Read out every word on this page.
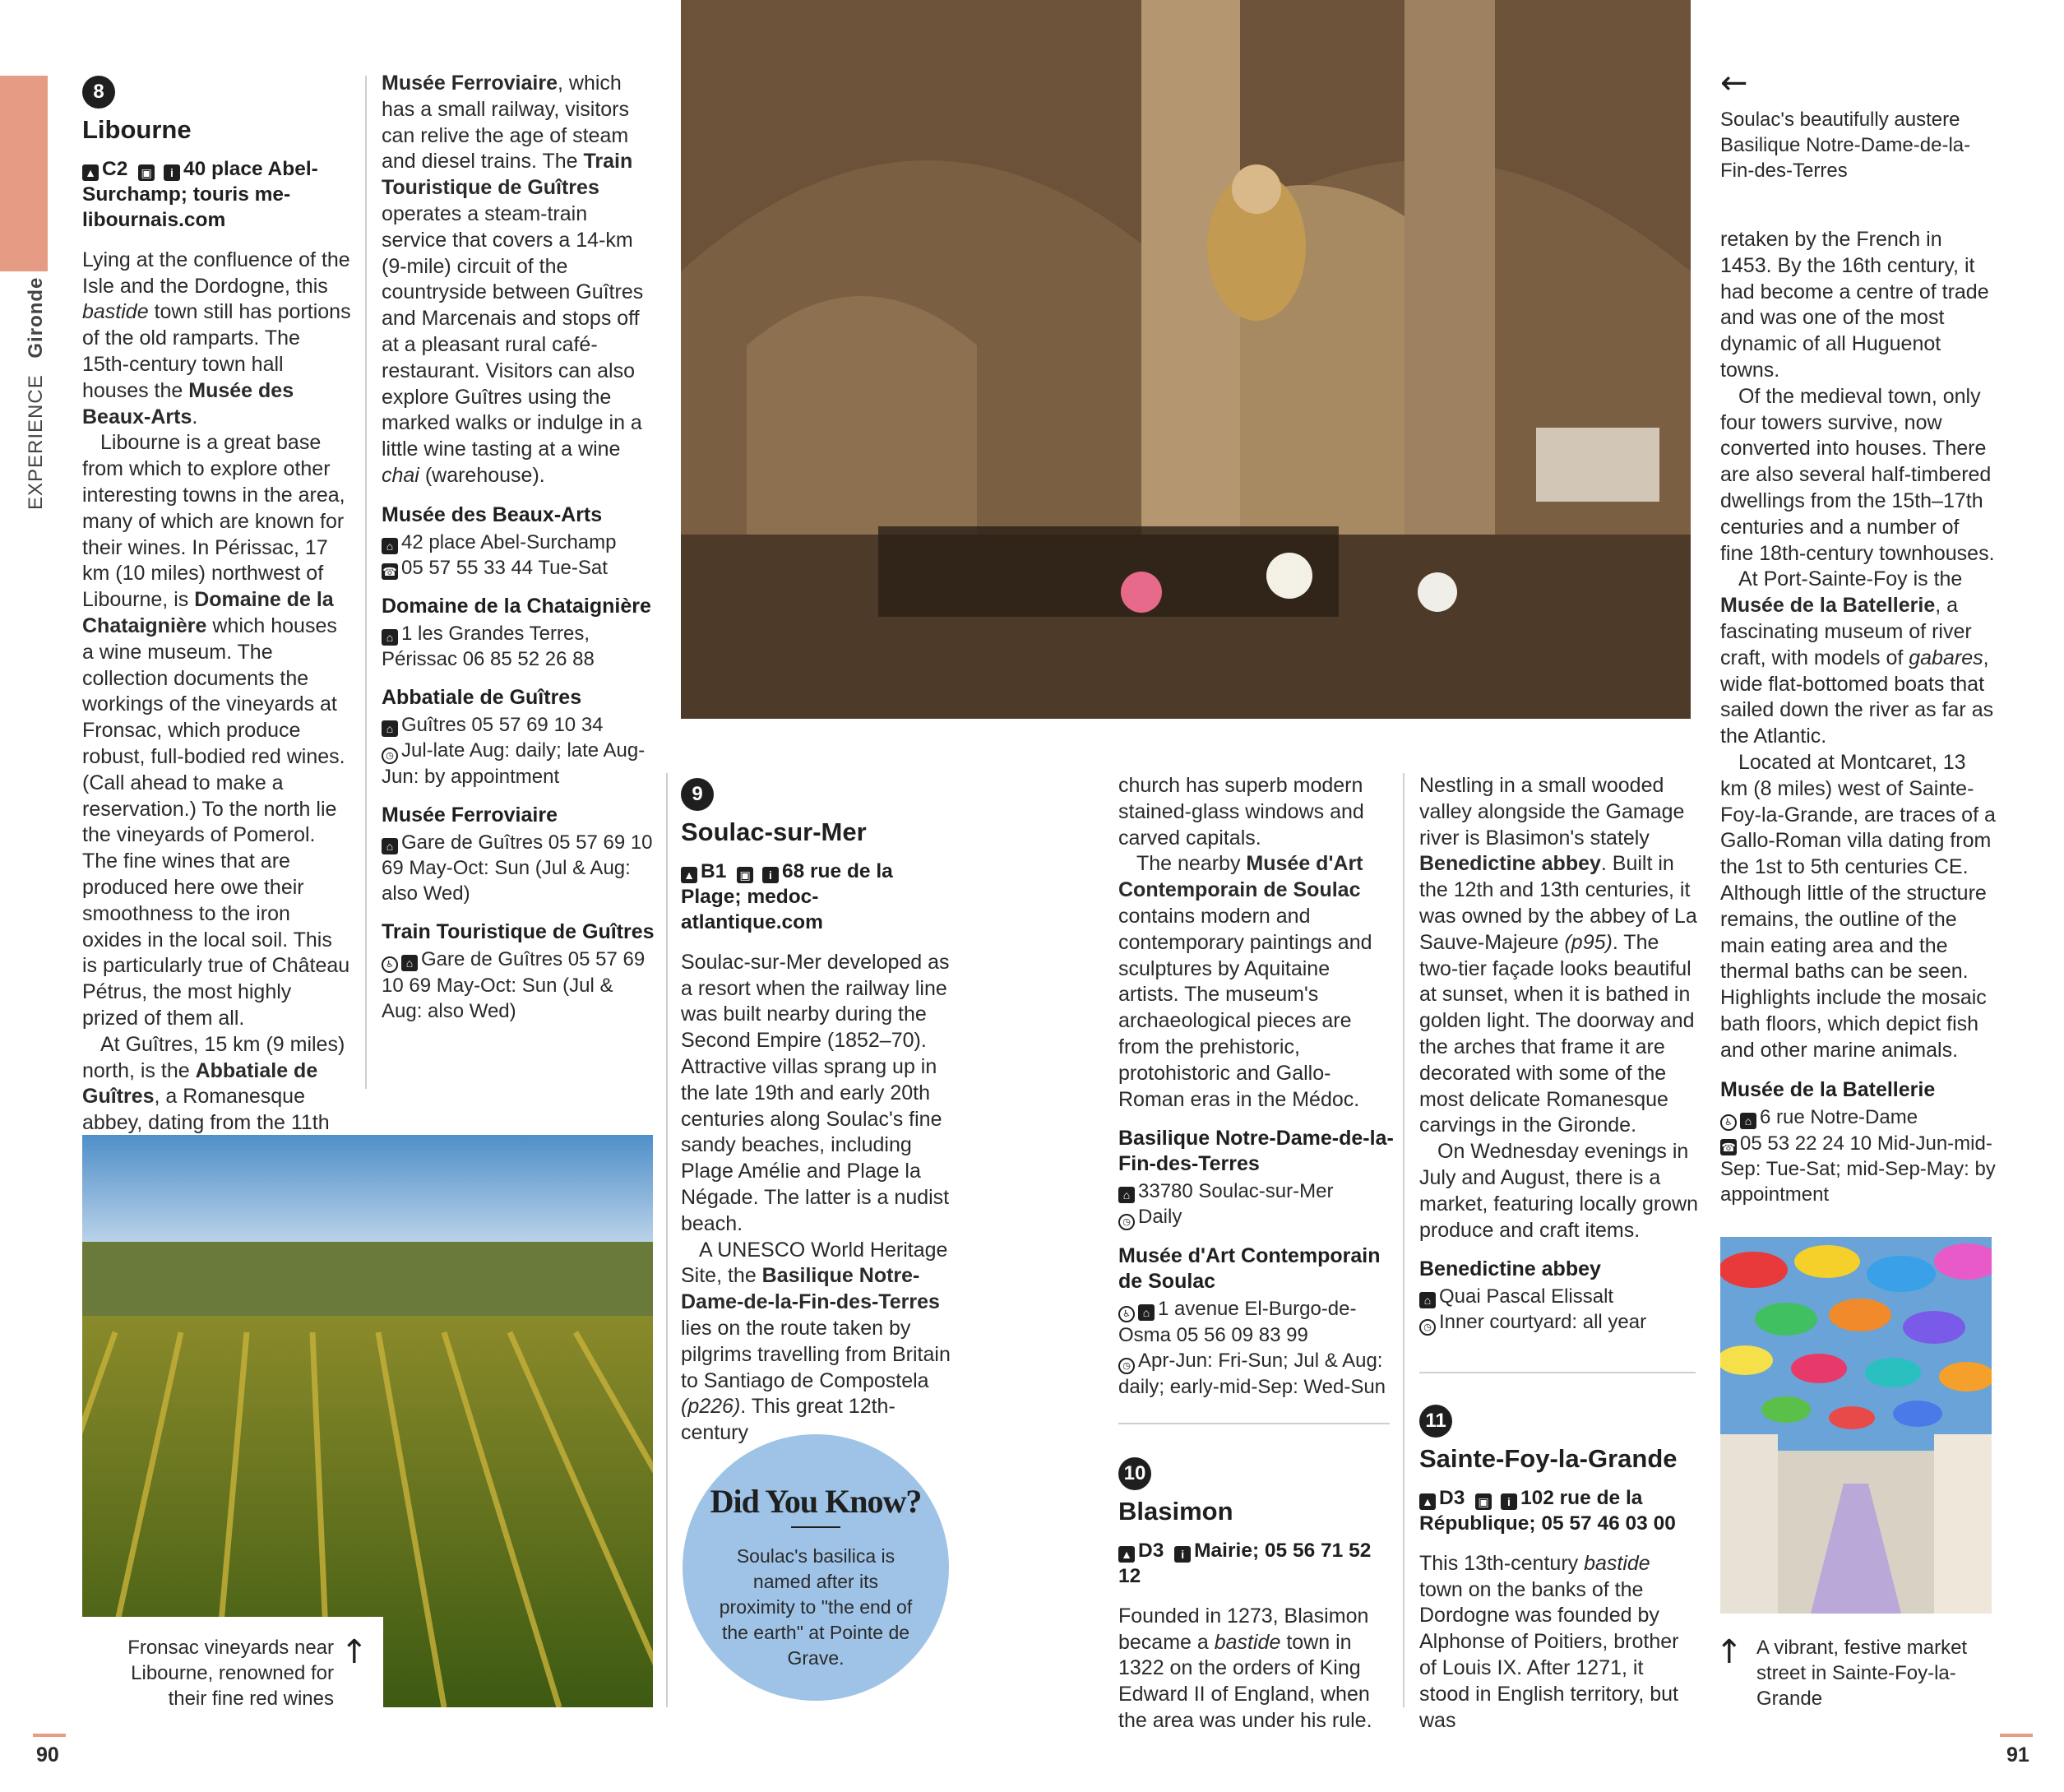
EXPERIENCE Gironde
8
Libourne
▲ C2 ▣ i 40 place Abel-Surchamp; touris me-libournais.com

Lying at the confluence of the Isle and the Dordogne, this bastide town still has portions of the old ramparts. The 15th-century town hall houses the Musée des Beaux-Arts.

Libourne is a great base from which to explore other interesting towns in the area, many of which are known for their wines. In Périssac, 17 km (10 miles) northwest of Libourne, is Domaine de la Chataignière which houses a wine museum. The collection documents the workings of the vineyards at Fronsac, which produce robust, full-bodied red wines. (Call ahead to make a reservation.) To the north lie the vineyards of Pomerol. The fine wines that are produced here owe their smoothness to the iron oxides in the local soil. This is particularly true of Château Pétrus, the most highly prized of them all.

At Guîtres, 15 km (9 miles) north, is the Abbatiale de Guîtres, a Romanesque abbey, dating from the 11th

Musée Ferroviaire, which has a small railway, visitors can relive the age of steam and diesel trains. The Train Touristique de Guîtres operates a steam-train service that covers a 14-km (9-mile) circuit of the countryside between Guîtres and Marcenais and stops off at a pleasant rural café-restaurant. Visitors can also explore Guîtres using the marked walks or indulge in a little wine tasting at a wine chai (warehouse).

Musée des Beaux-Arts
⌂ 42 place Abel-Surchamp
☎ 05 57 55 33 44 Tue-Sat
Domaine de la Chataignière
⌂ 1 les Grandes Terres, Périssac 06 85 52 26 88
Abbatiale de Guîtres
⌂ Guîtres 05 57 69 10 34
◷ Jul-late Aug: daily; late Aug-Jun: by appointment
Musée Ferroviaire
⌂ Gare de Guîtres 05 57 69 10 69 May-Oct: Sun (Jul & Aug: also Wed)
Train Touristique de Guîtres
♿ ⌂ Gare de Guîtres 05 57 69 10 69 May-Oct: Sun (Jul & Aug: also Wed)
Fronsac vineyards near Libourne, renowned for their fine red wines
↑
9
Soulac-sur-Mer
▲ B1 ▣ i 68 rue de la Plage; medoc-atlantique.com

Soulac-sur-Mer developed as a resort when the railway line was built nearby during the Second Empire (1852–70). Attractive villas sprang up in the late 19th and early 20th centuries along Soulac's fine sandy beaches, including Plage Amélie and Plage la Négade. The latter is a nudist beach.

A UNESCO World Heritage Site, the Basilique Notre-Dame-de-la-Fin-des-Terres lies on the route taken by pilgrims travelling from Britain to Santiago de Compostela (p226). This great 12th-century

Did You Know?
Soulac's basilica is named after its proximity to "the end of the earth" at Pointe de Grave.

church has superb modern stained-glass windows and carved capitals.

The nearby Musée d'Art Contemporain de Soulac contains modern and contemporary paintings and sculptures by Aquitaine artists. The museum's archaeological pieces are from the prehistoric, protohistoric and Gallo-Roman eras in the Médoc.

Basilique Notre-Dame-de-la-Fin-des-Terres
⌂ 33780 Soulac-sur-Mer
◷ Daily
Musée d'Art Contemporain de Soulac
♿ ⌂ 1 avenue El-Burgo-de-Osma 05 56 09 83 99
◷ Apr-Jun: Fri-Sun; Jul & Aug: daily; early-mid-Sep: Wed-Sun
10
Blasimon
▲ D3 i Mairie; 05 56 71 52 12

Founded in 1273, Blasimon became a bastide town in 1322 on the orders of King Edward II of England, when the area was under his rule.

Nestling in a small wooded valley alongside the Gamage river is Blasimon's stately Benedictine abbey. Built in the 12th and 13th centuries, it was owned by the abbey of La Sauve-Majeure (p95). The two-tier façade looks beautiful at sunset, when it is bathed in golden light. The doorway and the arches that frame it are decorated with some of the most delicate Romanesque carvings in the Gironde.

On Wednesday evenings in July and August, there is a market, featuring locally grown produce and craft items.

Benedictine abbey
⌂ Quai Pascal Elissalt
◷ Inner courtyard: all year
11
Sainte-Foy-la-Grande
▲ D3 ▣ i 102 rue de la République; 05 57 46 03 00

This 13th-century bastide town on the banks of the Dordogne was founded by Alphonse of Poitiers, brother of Louis IX. After 1271, it stood in English territory, but was

←
Soulac's beautifully austere Basilique Notre-Dame-de-la-Fin-des-Terres

retaken by the French in 1453. By the 16th century, it had become a centre of trade and was one of the most dynamic of all Huguenot towns.

Of the medieval town, only four towers survive, now converted into houses. There are also several half-timbered dwellings from the 15th–17th centuries and a number of fine 18th-century townhouses.

At Port-Sainte-Foy is the Musée de la Batellerie, a fascinating museum of river craft, with models of gabares, wide flat-bottomed boats that sailed down the river as far as the Atlantic.

Located at Montcaret, 13 km (8 miles) west of Sainte-Foy-la-Grande, are traces of a Gallo-Roman villa dating from the 1st to 5th centuries CE. Although little of the structure remains, the outline of the main eating area and the thermal baths can be seen. Highlights include the mosaic bath floors, which depict fish and other marine animals.

Musée de la Batellerie
♿ ⌂ 6 rue Notre-Dame
☎ 05 53 22 24 10 Mid-Jun-mid-Sep: Tue-Sat; mid-Sep-May: by appointment
↑ A vibrant, festive market street in Sainte-Foy-la-Grande
90	91
